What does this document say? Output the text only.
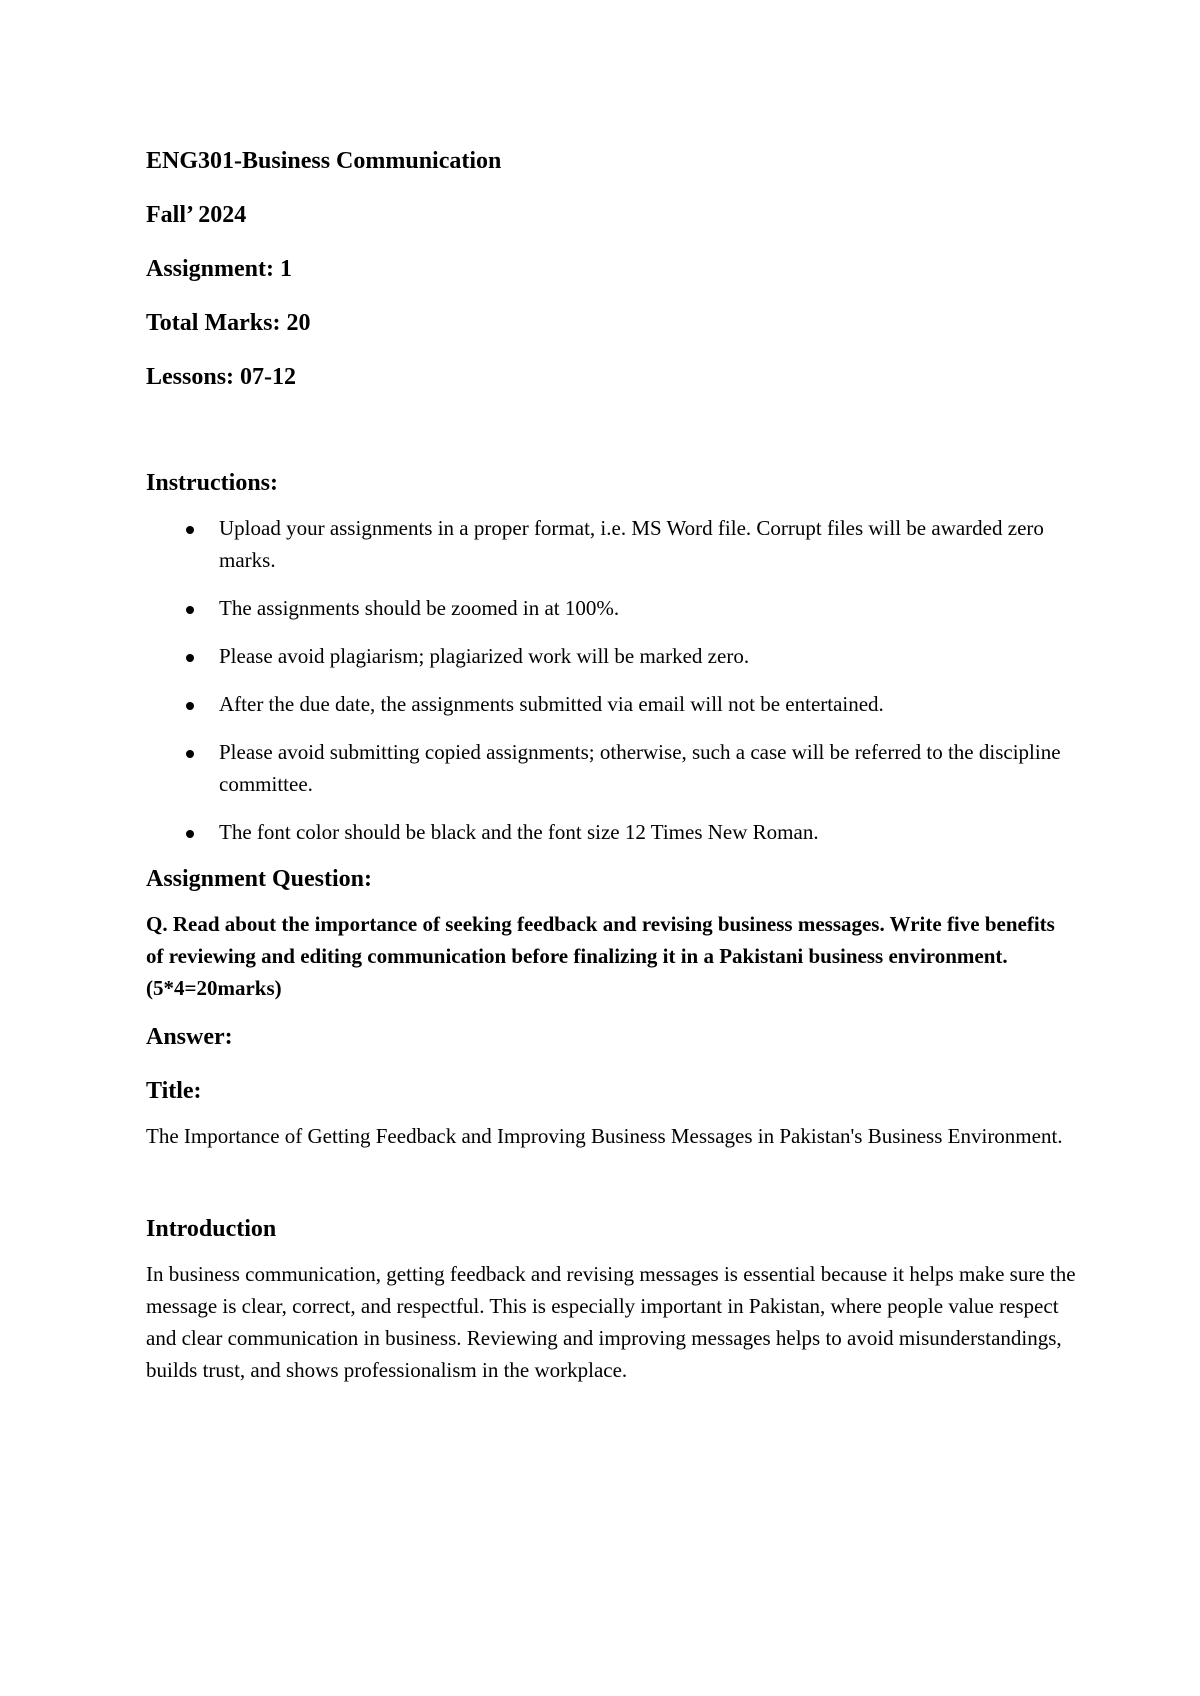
ENG301-Business Communication

Fall’ 2024

Assignment: 1

Total Marks: 20

Lessons: 07-12

Instructions:
Upload your assignments in a proper format, i.e. MS Word file. Corrupt files will be awarded zero marks.
The assignments should be zoomed in at 100%.
Please avoid plagiarism; plagiarized work will be marked zero.
After the due date, the assignments submitted via email will not be entertained.
Please avoid submitting copied assignments; otherwise, such a case will be referred to the discipline committee.
The font color should be black and the font size 12 Times New Roman.
Assignment Question:

Q. Read about the importance of seeking feedback and revising business messages. Write five benefits of reviewing and editing communication before finalizing it in a Pakistani business environment. (5*4=20marks)

Answer:
Title:

The Importance of Getting Feedback and Improving Business Messages in Pakistan's Business Environment.

Introduction

In business communication, getting feedback and revising messages is essential because it helps make sure the message is clear, correct, and respectful. This is especially important in Pakistan, where people value respect and clear communication in business. Reviewing and improving messages helps to avoid misunderstandings, builds trust, and shows professionalism in the workplace.
